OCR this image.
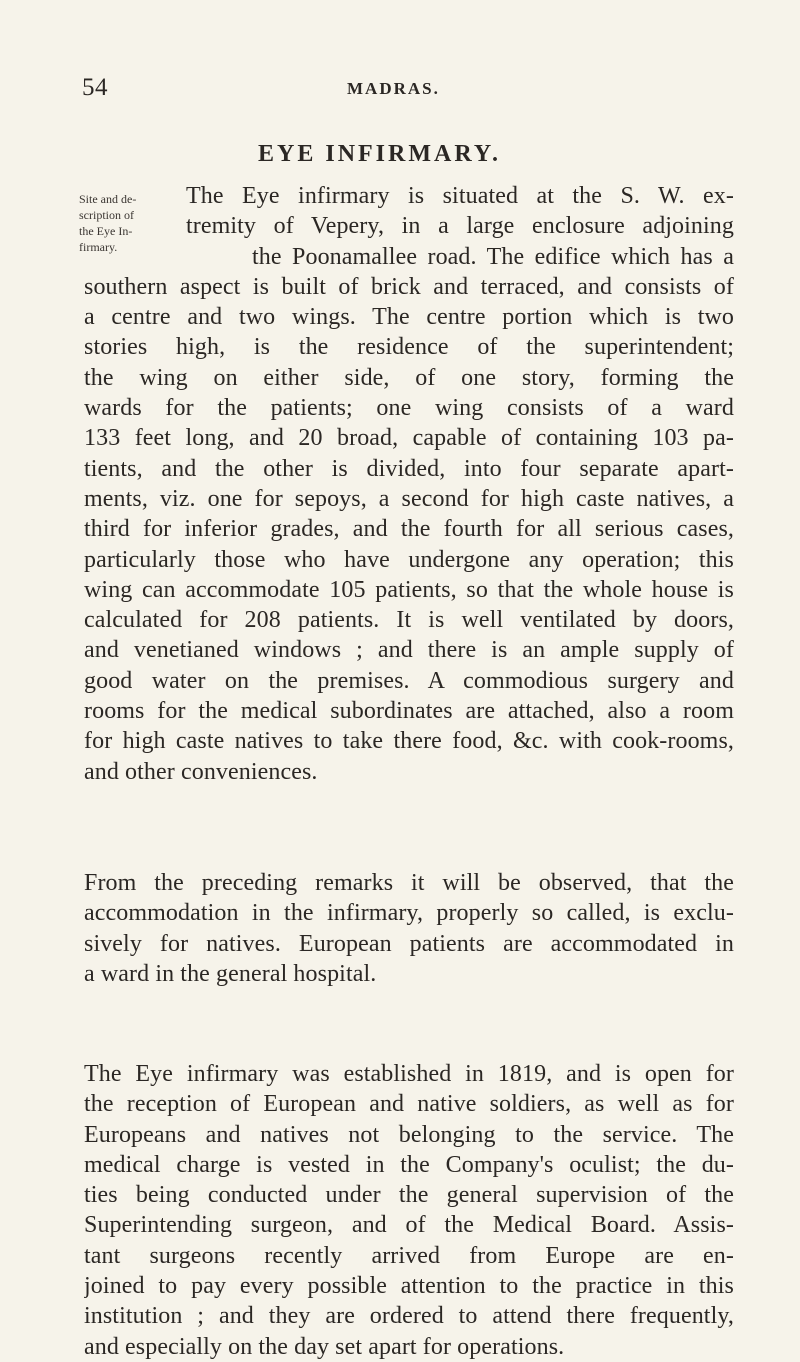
54	MADRAS.
EYE INFIRMARY.
Site and de-
scription of
the Eye In-
firmary.
The Eye infirmary is situated at the S. W. ex-
tremity of Vepery, in a large enclosure adjoining
the Poonamallee road. The edifice which has a
southern aspect is built of brick and terraced, and consists of
a centre and two wings. The centre portion which is two
stories high, is the residence of the superintendent;
the wing on either side, of one story, forming the
wards for the patients; one wing consists of a ward
133 feet long, and 20 broad, capable of containing 103 pa-
tients, and the other is divided, into four separate apart-
ments, viz. one for sepoys, a second for high caste natives, a
third for inferior grades, and the fourth for all serious cases,
particularly those who have undergone any operation; this
wing can accommodate 105 patients, so that the whole house is
calculated for 208 patients. It is well ventilated by doors,
and venetianed windows ; and there is an ample supply of
good water on the premises. A commodious surgery and
rooms for the medical subordinates are attached, also a room
for high caste natives to take there food, &c. with cook-rooms,
and other conveniences.
From the preceding remarks it will be observed, that the
accommodation in the infirmary, properly so called, is exclu-
sively for natives. European patients are accommodated in
a ward in the general hospital.
The Eye infirmary was established in 1819, and is open for
the reception of European and native soldiers, as well as for
Europeans and natives not belonging to the service. The
medical charge is vested in the Company's oculist; the du-
ties being conducted under the general supervision of the
Superintending surgeon, and of the Medical Board. Assis-
tant surgeons recently arrived from Europe are en-
joined to pay every possible attention to the practice in this
institution ; and they are ordered to attend there frequently,
and especially on the day set apart for operations.
